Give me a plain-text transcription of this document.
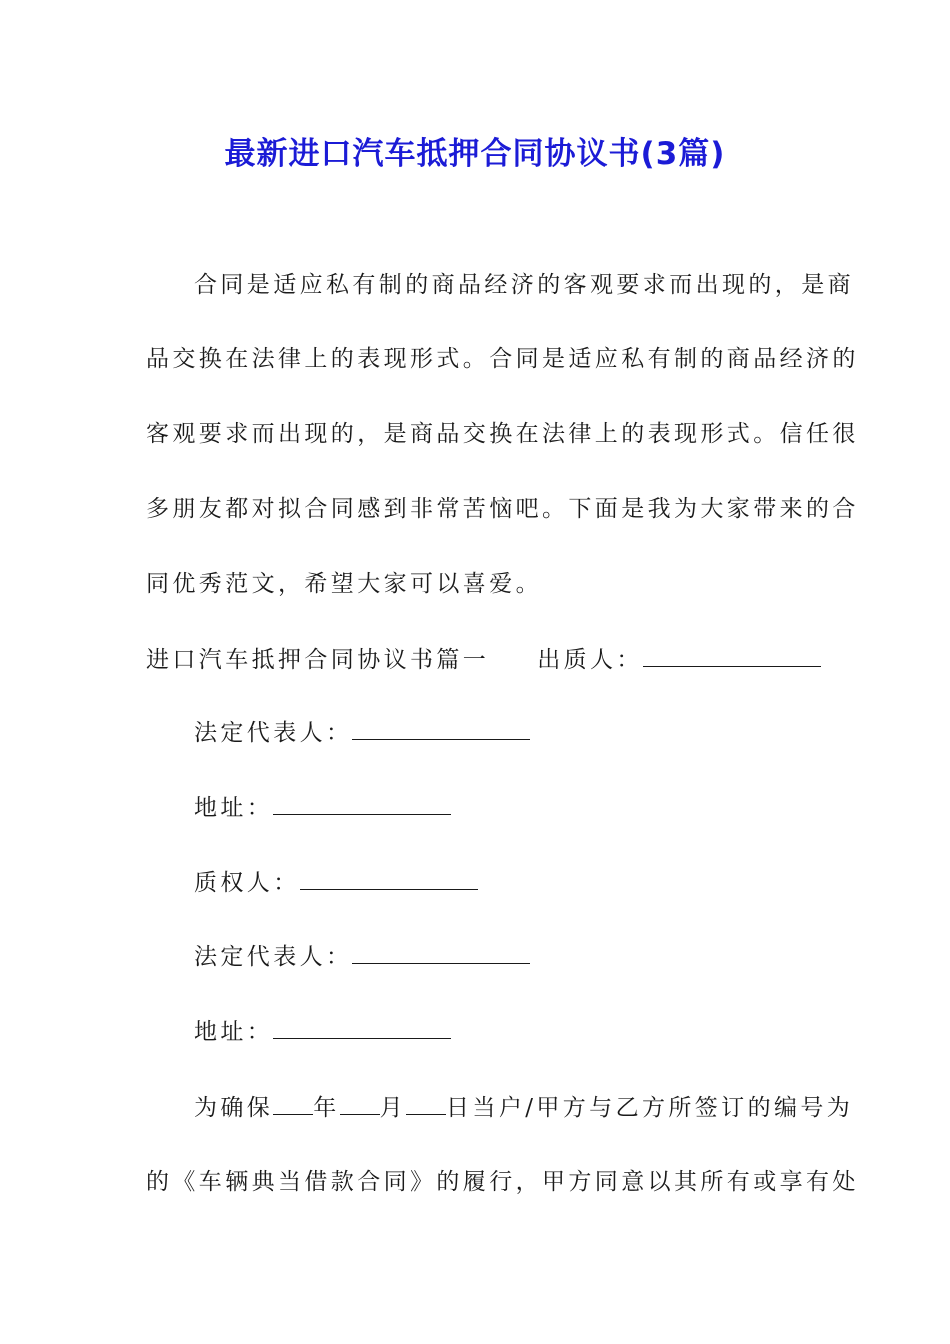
最新进口汽车抵押合同协议书(3篇)
合同是适应私有制的商品经济的客观要求而出现的，是商
品交换在法律上的表现形式。合同是适应私有制的商品经济的
客观要求而出现的，是商品交换在法律上的表现形式。信任很
多朋友都对拟合同感到非常苦恼吧。下面是我为大家带来的合
同优秀范文，希望大家可以喜爱。
进口汽车抵押合同协议书篇一 出质人：
法定代表人：
地址：
质权人：
法定代表人：
地址：
为确保 年 月 日当户/甲方与乙方所签订的编号为
的《车辆典当借款合同》的履行，甲方同意以其所有或享有处
